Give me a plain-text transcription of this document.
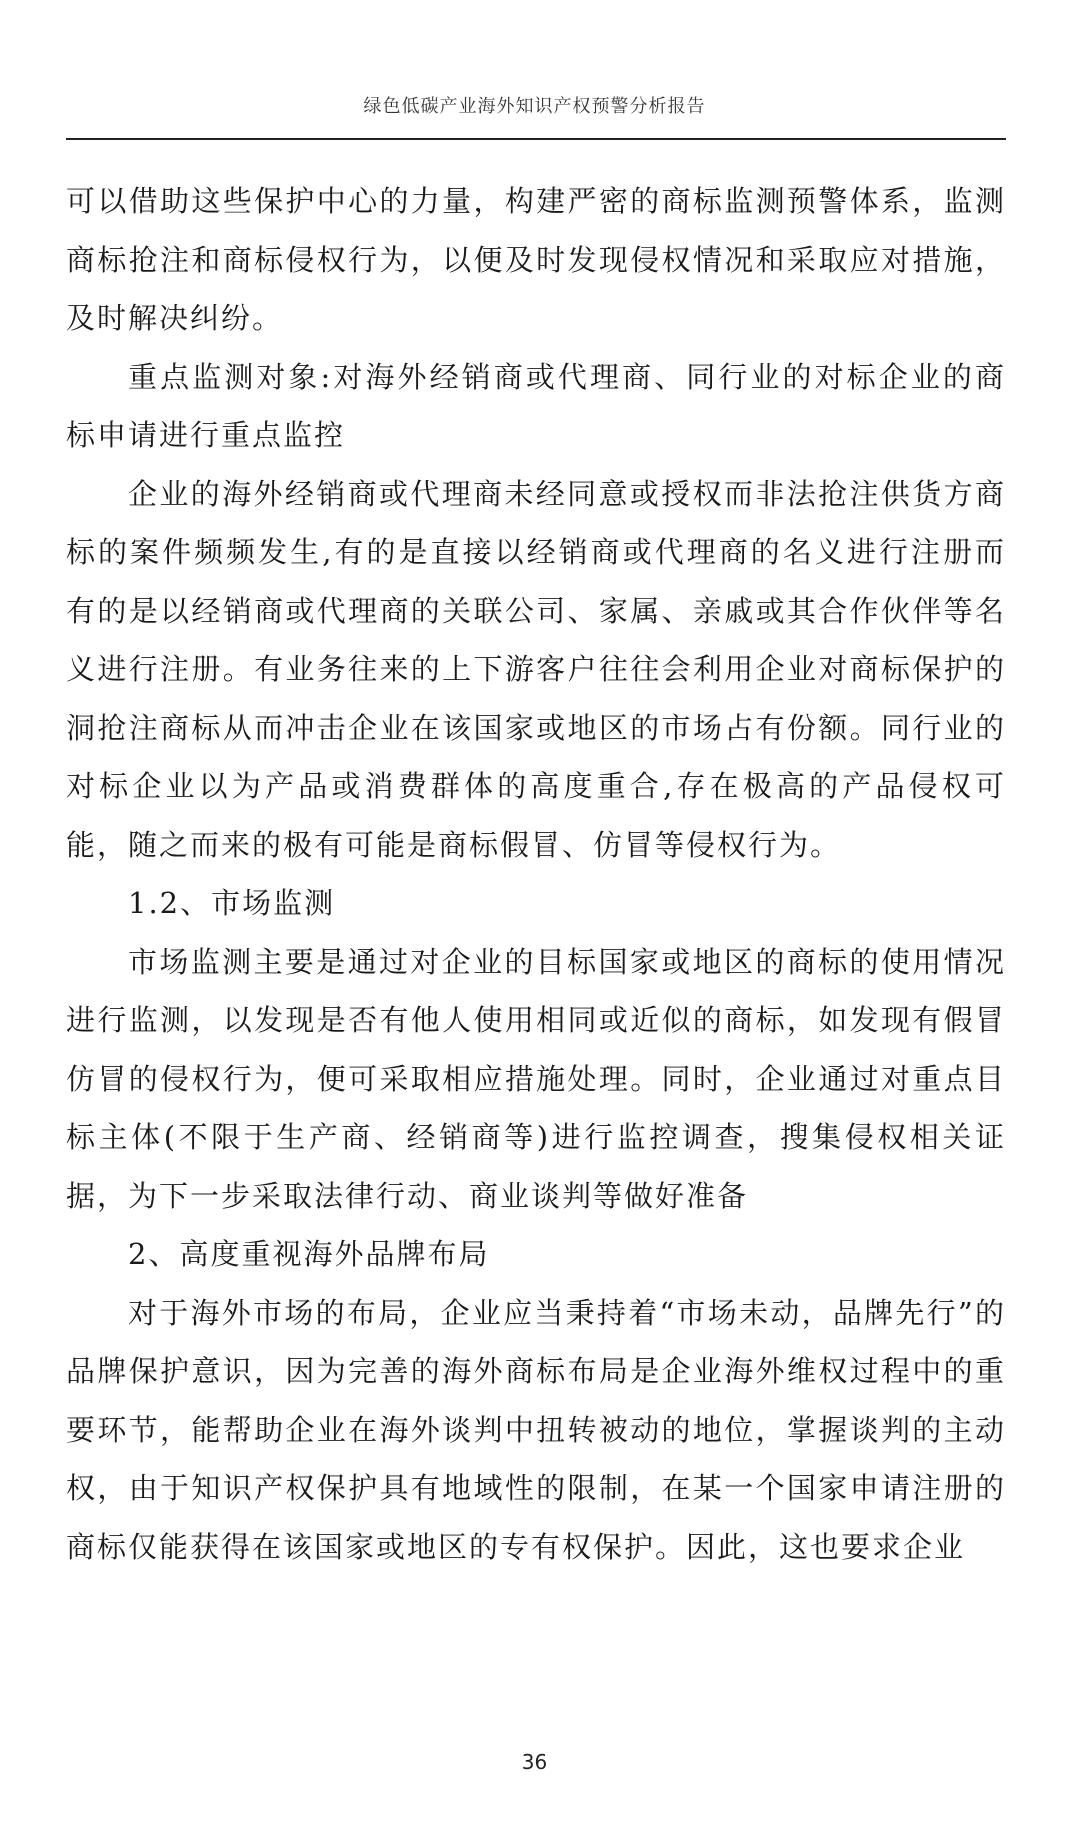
绿色低碳产业海外知识产权预警分析报告

可以借助这些保护中心的力量，构建严密的商标监测预警体系，监测商标抢注和商标侵权行为，以便及时发现侵权情况和采取应对措施，及时解决纠纷。

重点监测对象:对海外经销商或代理商、同行业的对标企业的商标申请进行重点监控

企业的海外经销商或代理商未经同意或授权而非法抢注供货方商标的案件频频发生,有的是直接以经销商或代理商的名义进行注册而有的是以经销商或代理商的关联公司、家属、亲戚或其合作伙伴等名义进行注册。有业务往来的上下游客户往往会利用企业对商标保护的洞抢注商标从而冲击企业在该国家或地区的市场占有份额。同行业的对标企业以为产品或消费群体的高度重合,存在极高的产品侵权可能，随之而来的极有可能是商标假冒、仿冒等侵权行为。

1.2、市场监测

市场监测主要是通过对企业的目标国家或地区的商标的使用情况进行监测，以发现是否有他人使用相同或近似的商标，如发现有假冒仿冒的侵权行为，便可采取相应措施处理。同时，企业通过对重点目标主体(不限于生产商、经销商等)进行监控调查，搜集侵权相关证据，为下一步采取法律行动、商业谈判等做好准备

2、高度重视海外品牌布局

对于海外市场的布局，企业应当秉持着“市场未动，品牌先行”的品牌保护意识，因为完善的海外商标布局是企业海外维权过程中的重要环节，能帮助企业在海外谈判中扭转被动的地位，掌握谈判的主动权，由于知识产权保护具有地域性的限制，在某一个国家申请注册的商标仅能获得在该国家或地区的专有权保护。因此，这也要求企业

36
